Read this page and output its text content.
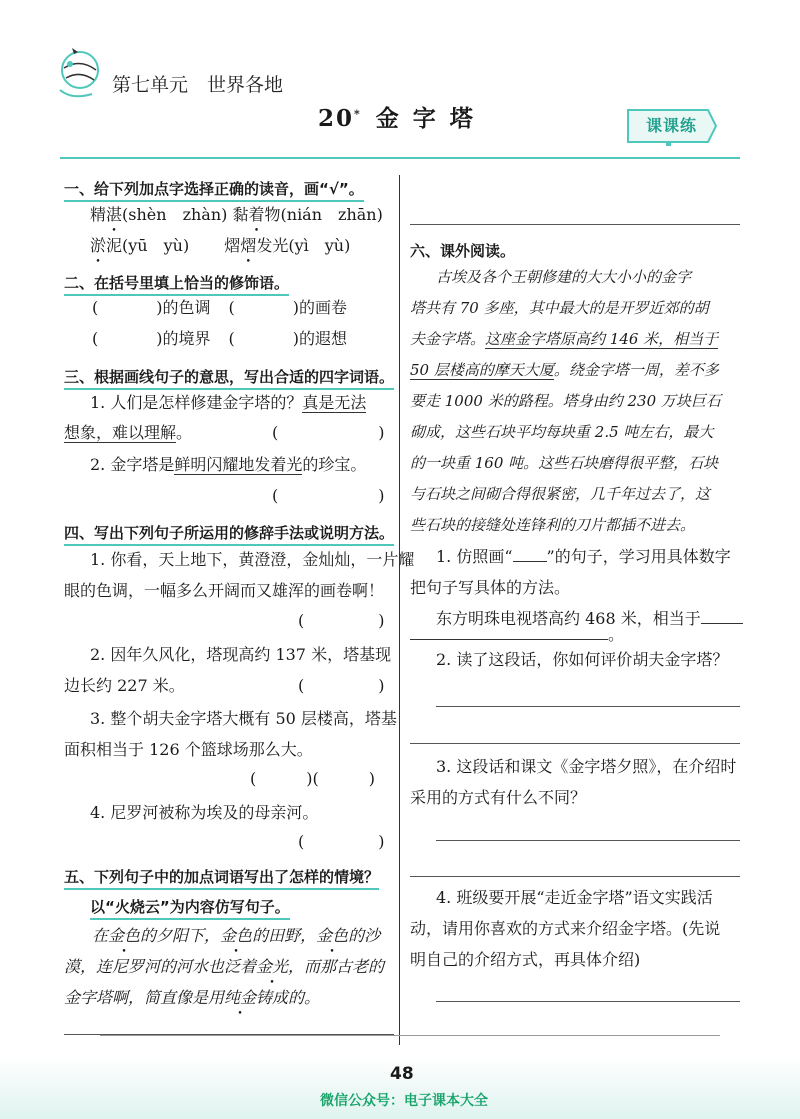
第七单元　世界各地
20* 金字塔	课课练
一、给下列加点字选择正确的读音，画“√”。
精湛(shèn　zhàn) 黏着物(nián　zhān)
淤泥(yū　yù) 熠熠发光(yì　yù)
二、在括号里填上恰当的修饰语。
(	)的色调 (	)的画卷
(	)的境界 (	)的遐想
三、根据画线句子的意思，写出合适的四字词语。
1. 人们是怎样修建金字塔的？真是无法
想象，难以理解。	(	)
2. 金字塔是鲜明闪耀地发着光的珍宝。
(	)
四、写出下列句子所运用的修辞手法或说明方法。
1. 你看，天上地下，黄澄澄，金灿灿，一片耀
眼的色调，一幅多么开阔而又雄浑的画卷啊！
(	)
2. 因年久风化，塔现高约 137 米，塔基现
边长约 227 米。	(	)
3. 整个胡夫金字塔大概有 50 层楼高，塔基
面积相当于 126 个篮球场那么大。
(	)(	)
4. 尼罗河被称为埃及的母亲河。
(	)
五、下列句子中的加点词语写出了怎样的情境？
以“火烧云”为内容仿写句子。
在金色的夕阳下，金色的田野，金色的沙
漠，连尼罗河的河水也泛着金光，而那古老的
金字塔啊，简直像是用纯金铸成的。
六、课外阅读。
古埃及各个王朝修建的大大小小的金字
塔共有 70 多座，其中最大的是开罗近郊的胡
夫金字塔。这座金字塔原高约 146 米，相当于
50 层楼高的摩天大厦。绕金字塔一周，差不多
要走 1000 米的路程。塔身由约 230 万块巨石
砌成，这些石块平均每块重 2.5 吨左右，最大
的一块重 160 吨。这些石块磨得很平整，石块
与石块之间砌合得很紧密，几千年过去了，这
些石块的接缝处连锋利的刀片都插不进去。
1. 仿照画“ ”的句子，学习用具体数字
把句子写具体的方法。
东方明珠电视塔高约 468 米，相当于
。
2. 读了这段话，你如何评价胡夫金字塔？
3. 这段话和课文《金字塔夕照》，在介绍时
采用的方式有什么不同？
4. 班级要开展“走近金字塔”语文实践活
动，请用你喜欢的方式来介绍金字塔。(先说
明自己的介绍方式，再具体介绍)
48
微信公众号：电子课本大全
